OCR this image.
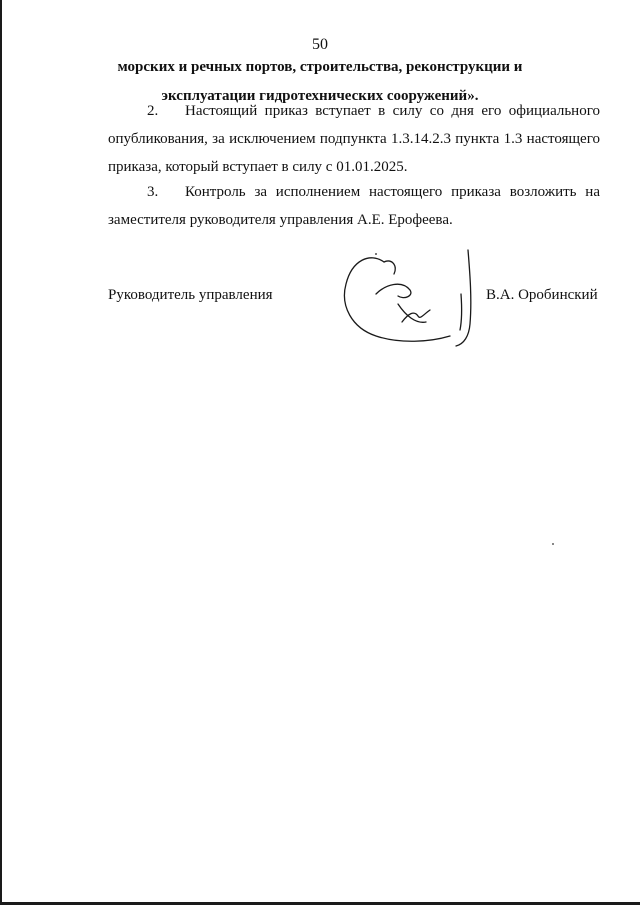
50
морских и речных портов, строительства, реконструкции и
эксплуатации гидротехнических сооружений».
2. Настоящий приказ вступает в силу со дня его официального
опубликования, за исключением подпункта 1.3.14.2.3 пункта 1.3 настоящего
приказа, который вступает в силу с 01.01.2025.
3. Контроль за исполнением настоящего приказа возложить на
заместителя руководителя управления А.Е. Ерофеева.
Руководитель управления	В.А. Оробинский
